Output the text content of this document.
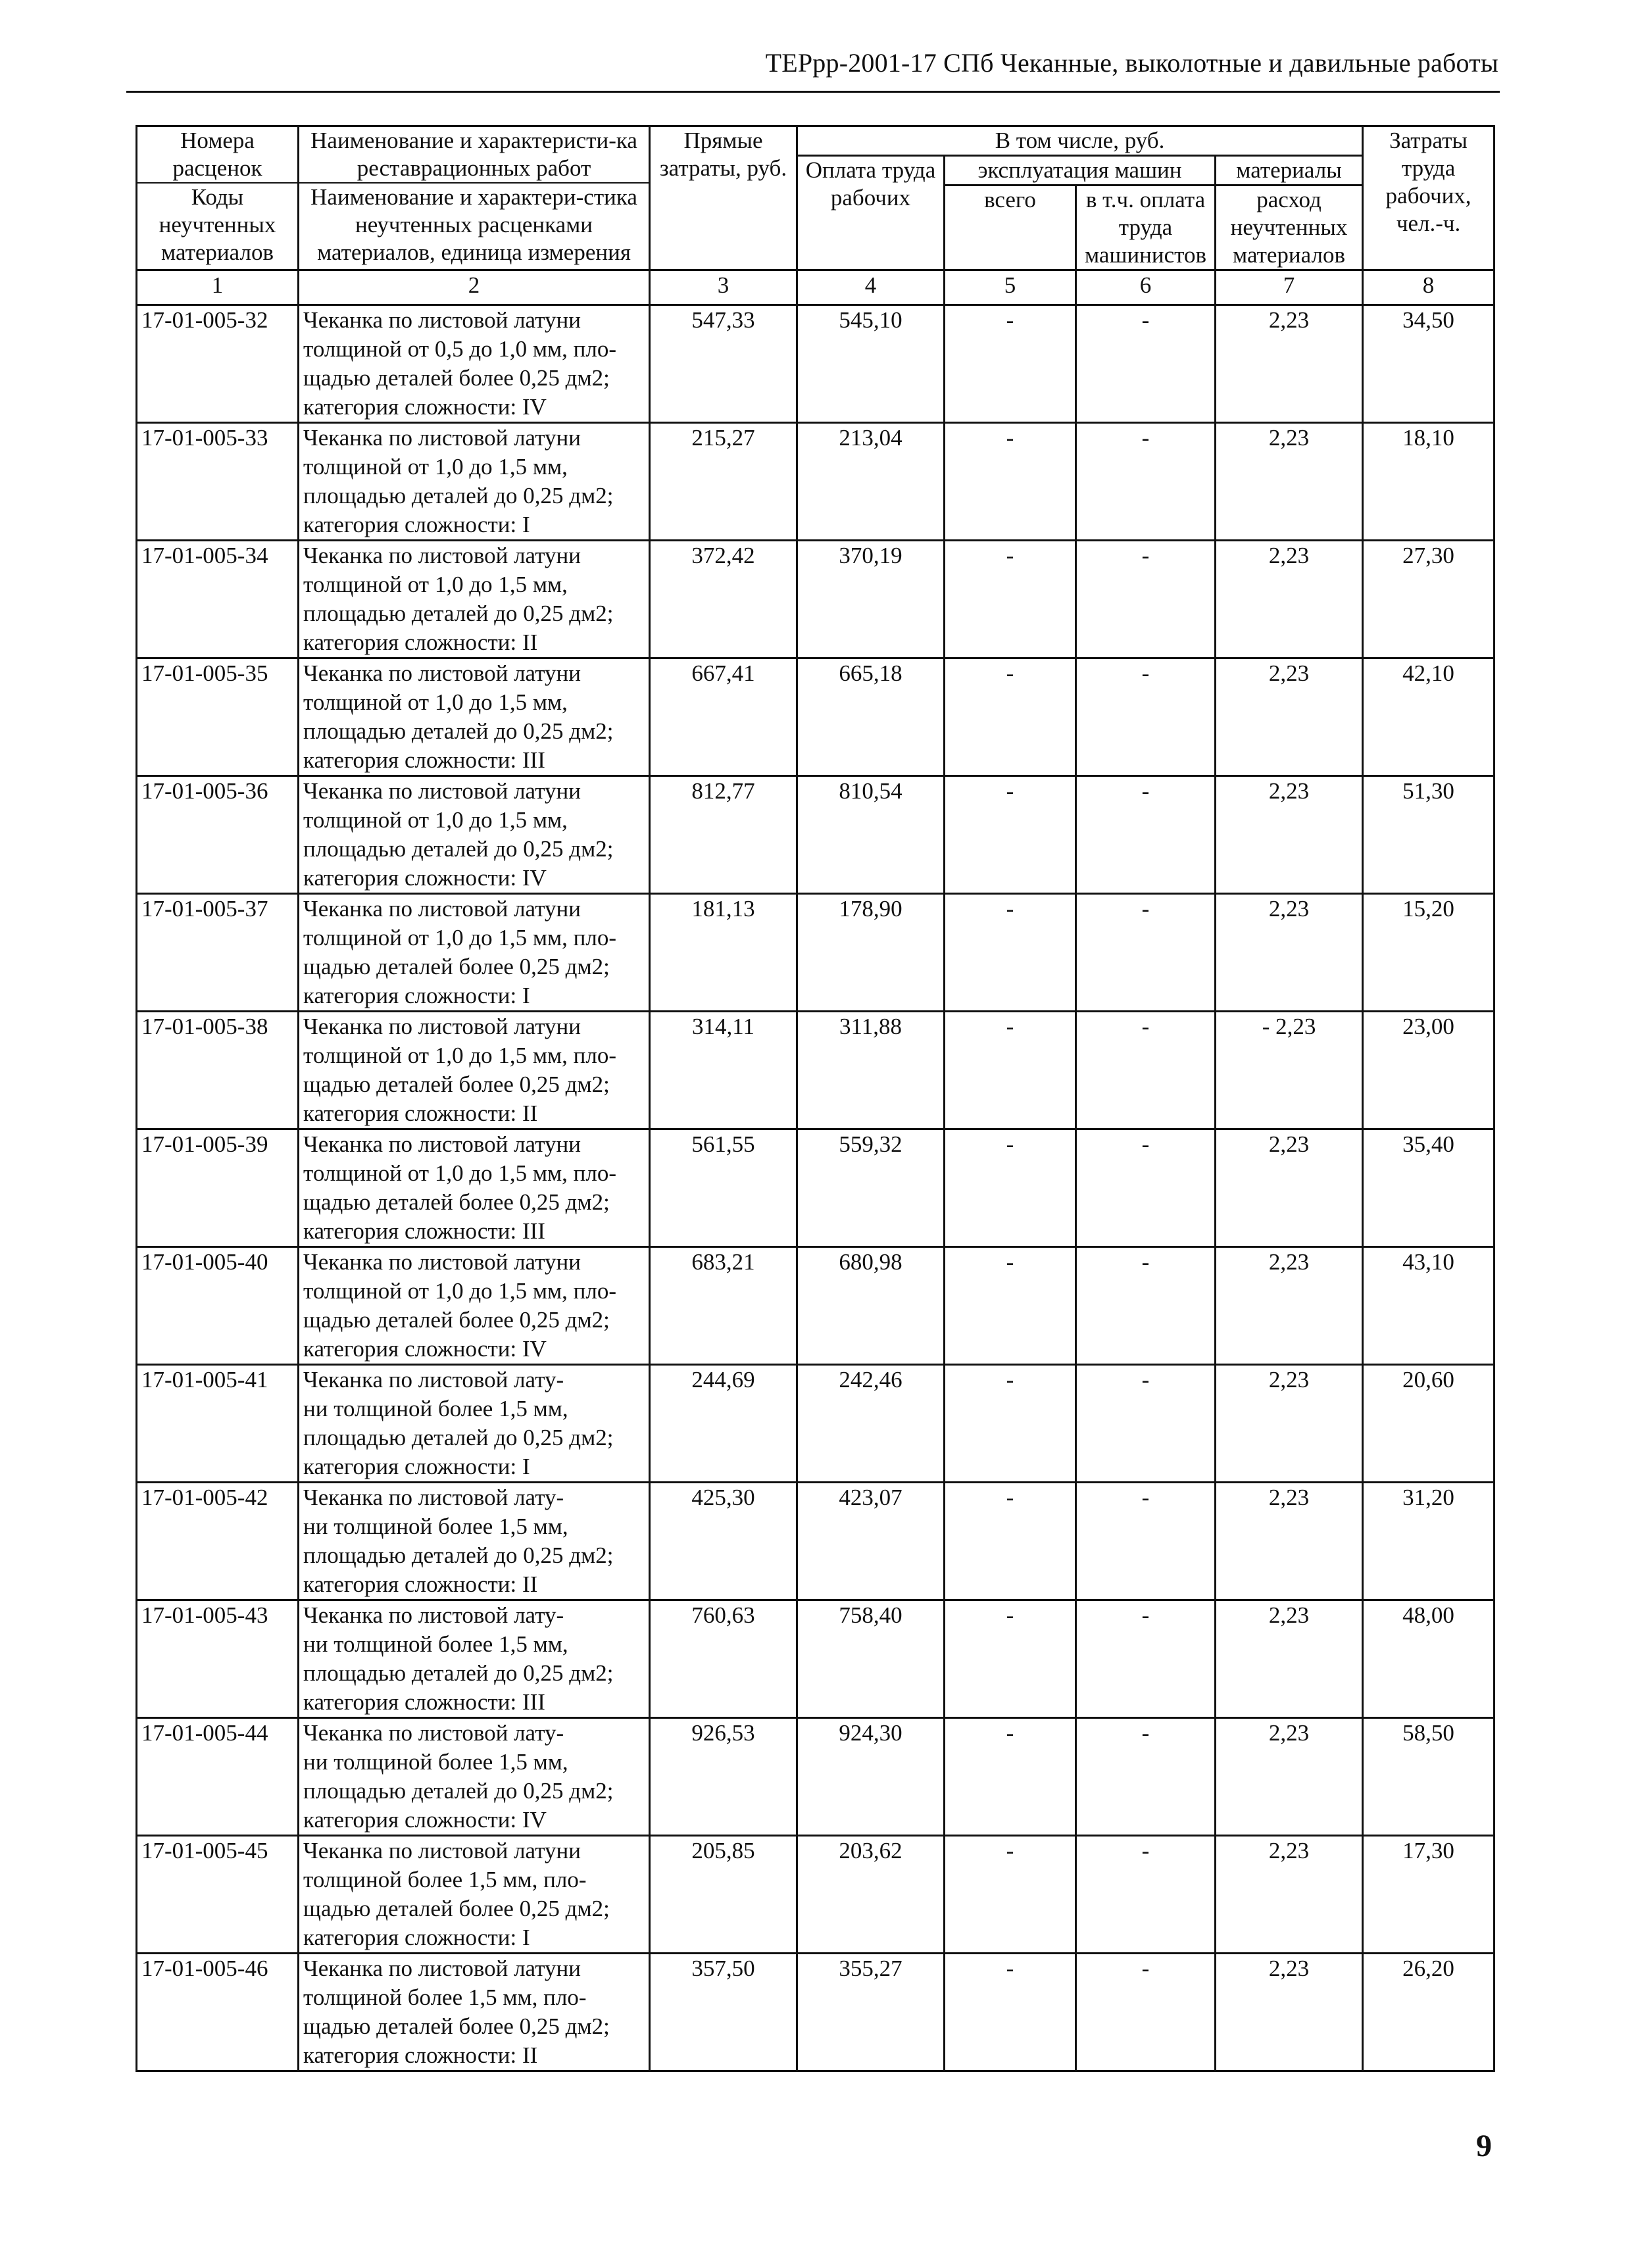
ТЕРрр-2001-17 СПб Чеканные, выколотные и давильные работы
Номера расценок
Коды неучтенных материалов	Наименование и характеристи-ка реставрационных работ
Наименование и характери-стика неучтенных расценками материалов, единица измерения	Прямые затраты, руб.	В том числе, руб.				Затраты труда рабочих, чел.-ч.
			Оплата труда рабочих	эксплуатация машин		материалы	
				всего	в т.ч. оплата труда машинистов	расход неучтенных материалов	
1	2	3	4	5	6	7	8
17-01-005-32	Чеканка по листовой латуни
толщиной от 0,5 до 1,0 мм, пло-
щадью деталей более 0,25 дм2;
категория сложности: IV	547,33	545,10	-	-	2,23	34,50
17-01-005-33	Чеканка по листовой латуни
толщиной от 1,0 до 1,5 мм,
площадью деталей до 0,25 дм2;
категория сложности: I	215,27	213,04	-	-	2,23	18,10
17-01-005-34	Чеканка по листовой латуни
толщиной от 1,0 до 1,5 мм,
площадью деталей до 0,25 дм2;
категория сложности: II	372,42	370,19	-	-	2,23	27,30
17-01-005-35	Чеканка по листовой латуни
толщиной от 1,0 до 1,5 мм,
площадью деталей до 0,25 дм2;
категория сложности: III	667,41	665,18	-	-	2,23	42,10
17-01-005-36	Чеканка по листовой латуни
толщиной от 1,0 до 1,5 мм,
площадью деталей до 0,25 дм2;
категория сложности: IV	812,77	810,54	-	-	2,23	51,30
17-01-005-37	Чеканка по листовой латуни
толщиной от 1,0 до 1,5 мм, пло-
щадью деталей более 0,25 дм2;
категория сложности: I	181,13	178,90	-	-	2,23	15,20
17-01-005-38	Чеканка по листовой латуни
толщиной от 1,0 до 1,5 мм, пло-
щадью деталей более 0,25 дм2;
категория сложности: II	314,11	311,88	-	-	- 2,23	23,00
17-01-005-39	Чеканка по листовой латуни
толщиной от 1,0 до 1,5 мм, пло-
щадью деталей более 0,25 дм2;
категория сложности: III	561,55	559,32	-	-	2,23	35,40
17-01-005-40	Чеканка по листовой латуни
толщиной от 1,0 до 1,5 мм, пло-
щадью деталей более 0,25 дм2;
категория сложности: IV	683,21	680,98	-	-	2,23	43,10
17-01-005-41	Чеканка по листовой лату-
ни толщиной более 1,5 мм,
площадью деталей до 0,25 дм2;
категория сложности: I	244,69	242,46	-	-	2,23	20,60
17-01-005-42	Чеканка по листовой лату-
ни толщиной более 1,5 мм,
площадью деталей до 0,25 дм2;
категория сложности: II	425,30	423,07	-	-	2,23	31,20
17-01-005-43	Чеканка по листовой лату-
ни толщиной более 1,5 мм,
площадью деталей до 0,25 дм2;
категория сложности: III	760,63	758,40	-	-	2,23	48,00
17-01-005-44	Чеканка по листовой лату-
ни толщиной более 1,5 мм,
площадью деталей до 0,25 дм2;
категория сложности: IV	926,53	924,30	-	-	2,23	58,50
17-01-005-45	Чеканка по листовой латуни
толщиной более 1,5 мм, пло-
щадью деталей более 0,25 дм2;
категория сложности: I	205,85	203,62	-	-	2,23	17,30
17-01-005-46	Чеканка по листовой латуни
толщиной более 1,5 мм, пло-
щадью деталей более 0,25 дм2;
категория сложности: II	357,50	355,27	-	-	2,23	26,20
9
